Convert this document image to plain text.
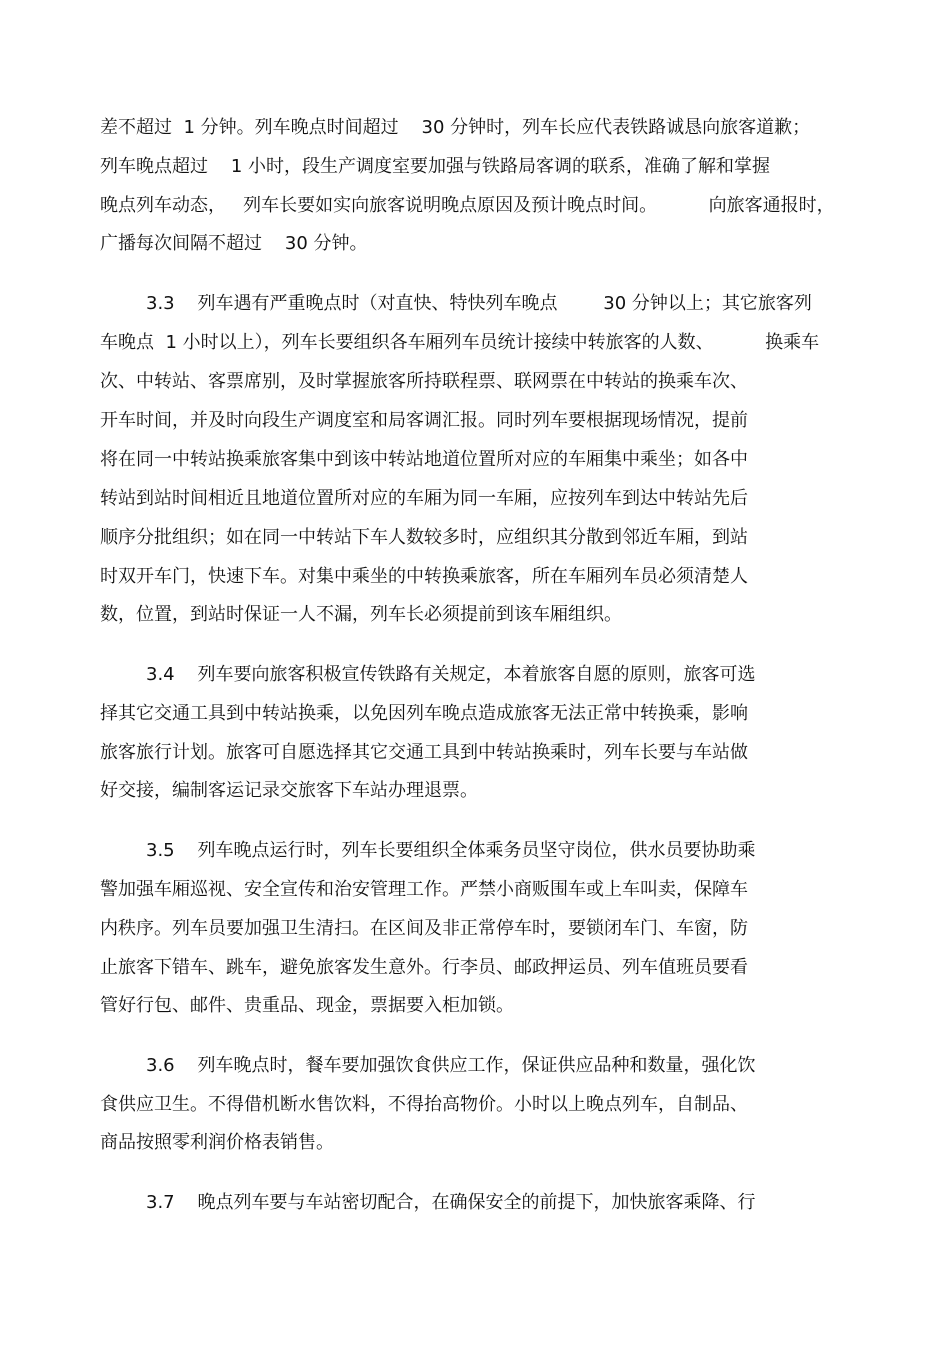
差不超过  1 分钟。列车晚点时间超过    30 分钟时，列车长应代表铁路诚恳向旅客道歉；
列车晚点超过    1 小时，段生产调度室要加强与铁路局客调的联系，准确了解和掌握
晚点列车动态，   列车长要如实向旅客说明晚点原因及预计晚点时间。         向旅客通报时，
广播每次间隔不超过    30 分钟。
3.3    列车遇有严重晚点时（对直快、特快列车晚点        30 分钟以上；其它旅客列
车晚点  1 小时以上），列车长要组织各车厢列车员统计接续中转旅客的人数、         换乘车
次、中转站、客票席别，及时掌握旅客所持联程票、联网票在中转站的换乘车次、
开车时间，并及时向段生产调度室和局客调汇报。同时列车要根据现场情况，提前
将在同一中转站换乘旅客集中到该中转站地道位置所对应的车厢集中乘坐；如各中
转站到站时间相近且地道位置所对应的车厢为同一车厢，应按列车到达中转站先后
顺序分批组织；如在同一中转站下车人数较多时，应组织其分散到邻近车厢，到站
时双开车门，快速下车。对集中乘坐的中转换乘旅客，所在车厢列车员必须清楚人
数，位置，到站时保证一人不漏，列车长必须提前到该车厢组织。
3.4    列车要向旅客积极宣传铁路有关规定，本着旅客自愿的原则，旅客可选
择其它交通工具到中转站换乘，以免因列车晚点造成旅客无法正常中转换乘，影响
旅客旅行计划。旅客可自愿选择其它交通工具到中转站换乘时，列车长要与车站做
好交接，编制客运记录交旅客下车站办理退票。
3.5    列车晚点运行时，列车长要组织全体乘务员坚守岗位，供水员要协助乘
警加强车厢巡视、安全宣传和治安管理工作。严禁小商贩围车或上车叫卖，保障车
内秩序。列车员要加强卫生清扫。在区间及非正常停车时，要锁闭车门、车窗，防
止旅客下错车、跳车，避免旅客发生意外。行李员、邮政押运员、列车值班员要看
管好行包、邮件、贵重品、现金，票据要入柜加锁。
3.6    列车晚点时，餐车要加强饮食供应工作，保证供应品种和数量，强化饮
食供应卫生。不得借机断水售饮料，不得抬高物价。小时以上晚点列车，自制品、
商品按照零利润价格表销售。
3.7    晚点列车要与车站密切配合，在确保安全的前提下，加快旅客乘降、行
